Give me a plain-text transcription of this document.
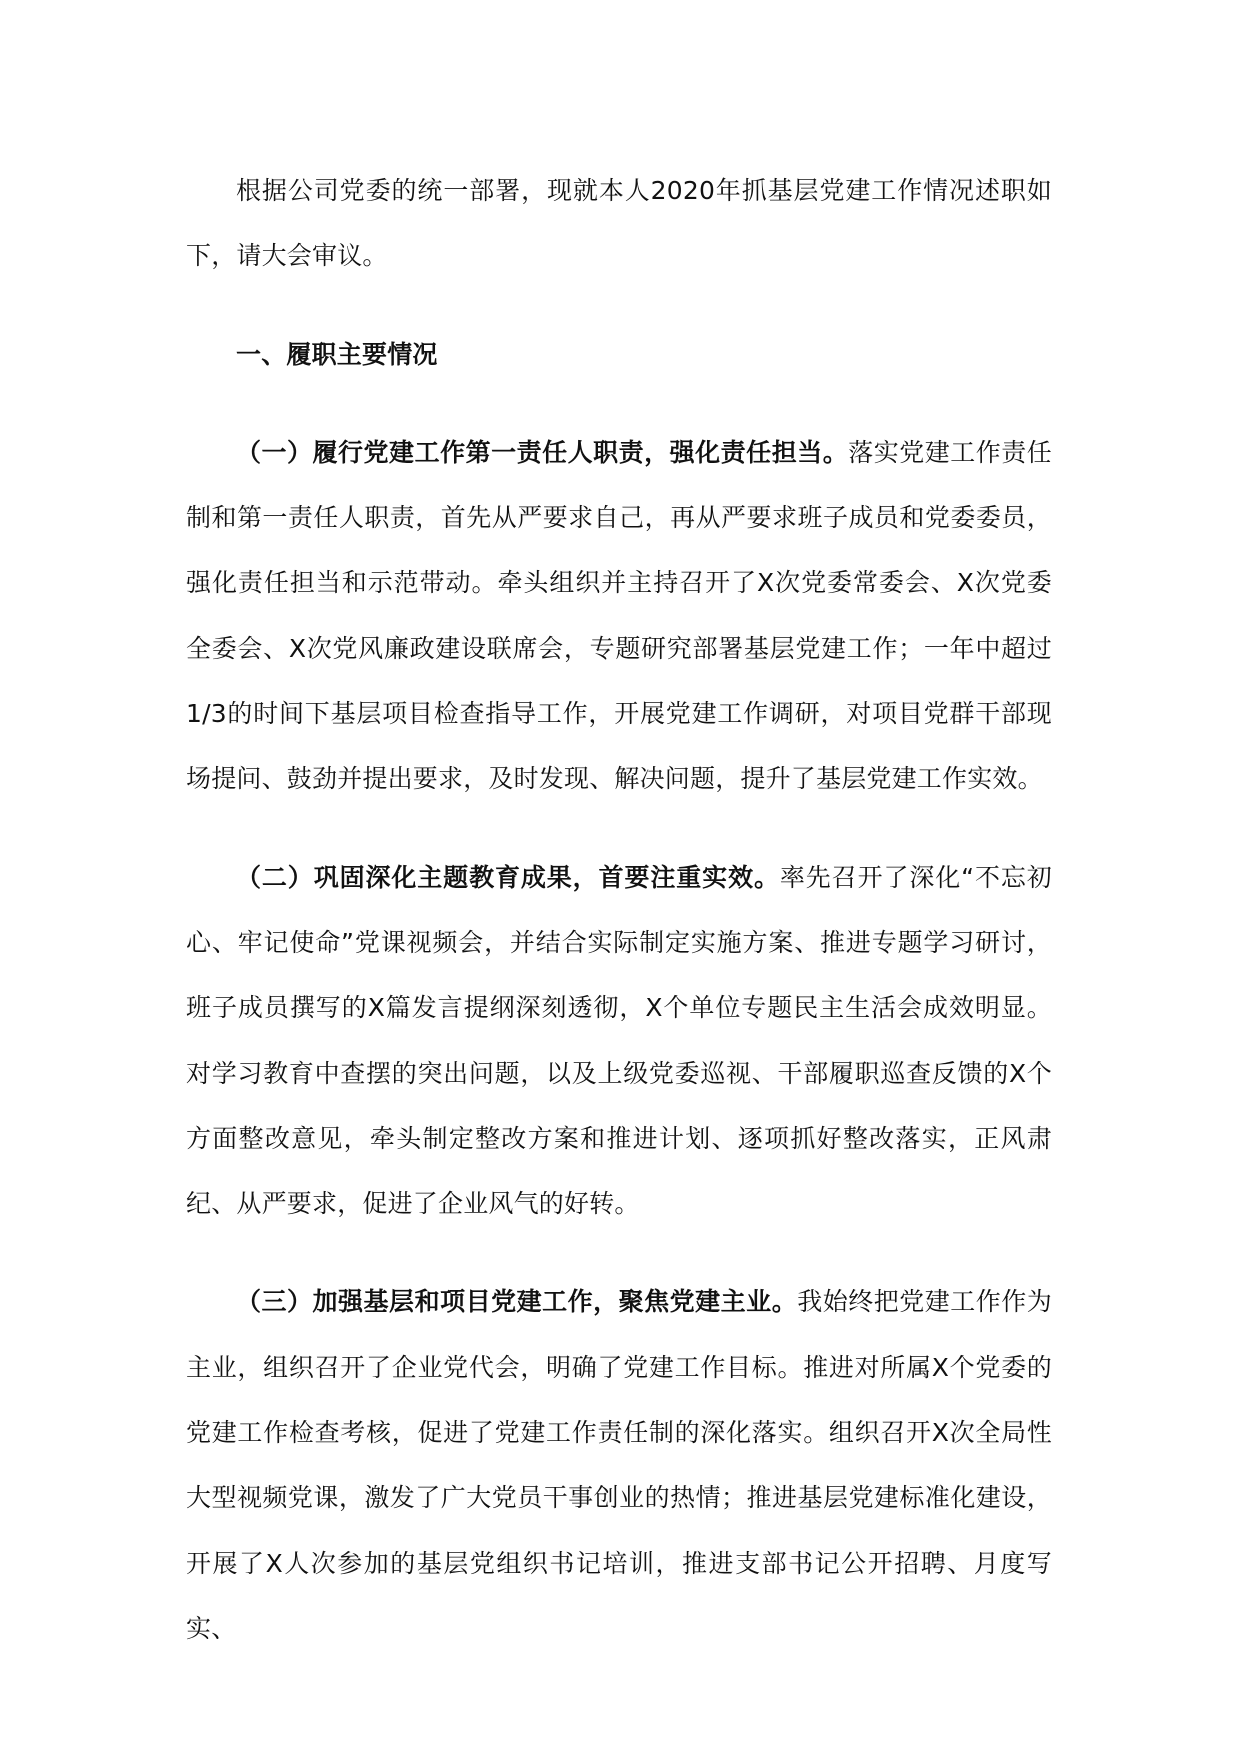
根据公司党委的统一部署，现就本人2020年抓基层党建工作情况述职如下，请大会审议。

一、履职主要情况

（一）履行党建工作第一责任人职责，强化责任担当。落实党建工作责任制和第一责任人职责，首先从严要求自己，再从严要求班子成员和党委委员，强化责任担当和示范带动。牵头组织并主持召开了X次党委常委会、X次党委全委会、X次党风廉政建设联席会，专题研究部署基层党建工作；一年中超过1/3的时间下基层项目检查指导工作，开展党建工作调研，对项目党群干部现场提问、鼓劲并提出要求，及时发现、解决问题，提升了基层党建工作实效。

（二）巩固深化主题教育成果，首要注重实效。率先召开了深化“不忘初心、牢记使命”党课视频会，并结合实际制定实施方案、推进专题学习研讨，班子成员撰写的X篇发言提纲深刻透彻，X个单位专题民主生活会成效明显。对学习教育中查摆的突出问题，以及上级党委巡视、干部履职巡查反馈的X个方面整改意见，牵头制定整改方案和推进计划、逐项抓好整改落实，正风肃纪、从严要求，促进了企业风气的好转。

（三）加强基层和项目党建工作，聚焦党建主业。我始终把党建工作作为主业，组织召开了企业党代会，明确了党建工作目标。推进对所属X个党委的党建工作检查考核，促进了党建工作责任制的深化落实。组织召开X次全局性大型视频党课，激发了广大党员干事创业的热情；推进基层党建标准化建设，开展了X人次参加的基层党组织书记培训，推进支部书记公开招聘、月度写实、
